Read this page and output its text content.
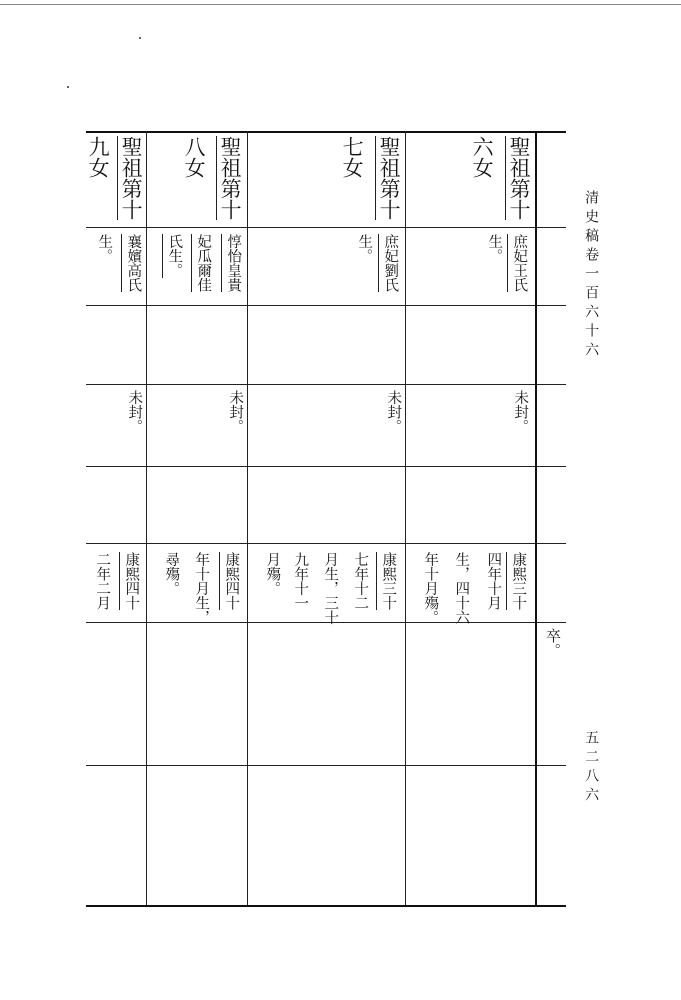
清史稿卷一百六十六
五二八六
卒。
聖祖第十
六女
庶妃王氏
生。
未封。
康熙三十
四年十月
生，四十六
年十月殤。
聖祖第十
七女
庶妃劉氏
生。
未封。
康熙三十
七年十二
月生，三十
九年十一
月殤。
聖祖第十
八女
惇怡皇貴
妃瓜爾佳
氏生。
未封。
康熙四十
年十月生，
尋殤。
聖祖第十
九女
襄嬪高氏
生。
未封。
康熙四十
二年二月
